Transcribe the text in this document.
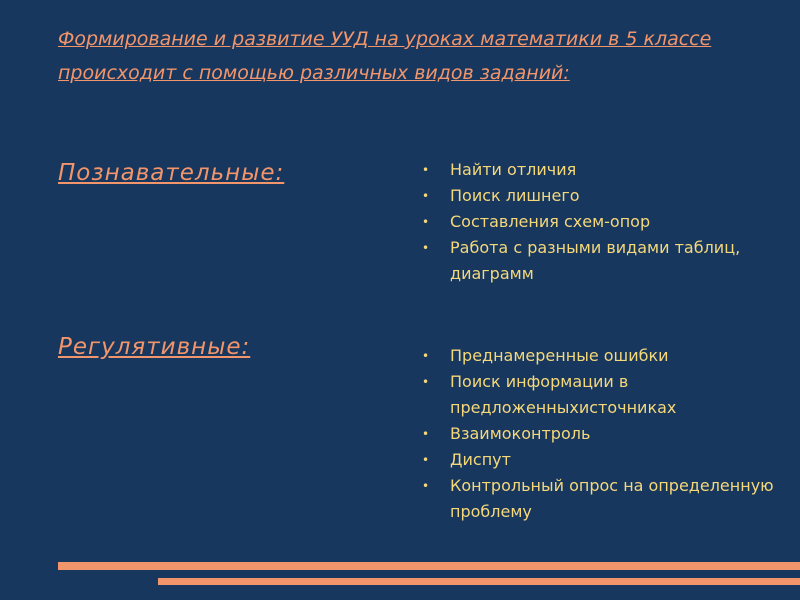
Формирование и развитие УУД на уроках математики в 5 классе происходит с помощью различных видов заданий:
Познавательные:	• Найти отличия
• Поиск лишнего
• Составления схем-опор
• Работа с разными видами таблиц, диаграмм
Регулятивные:	• Преднамеренные ошибки
• Поиск информации в предложенныхисточниках
• Взаимоконтроль
• Диспут
• Контрольный опрос на определенную проблему
